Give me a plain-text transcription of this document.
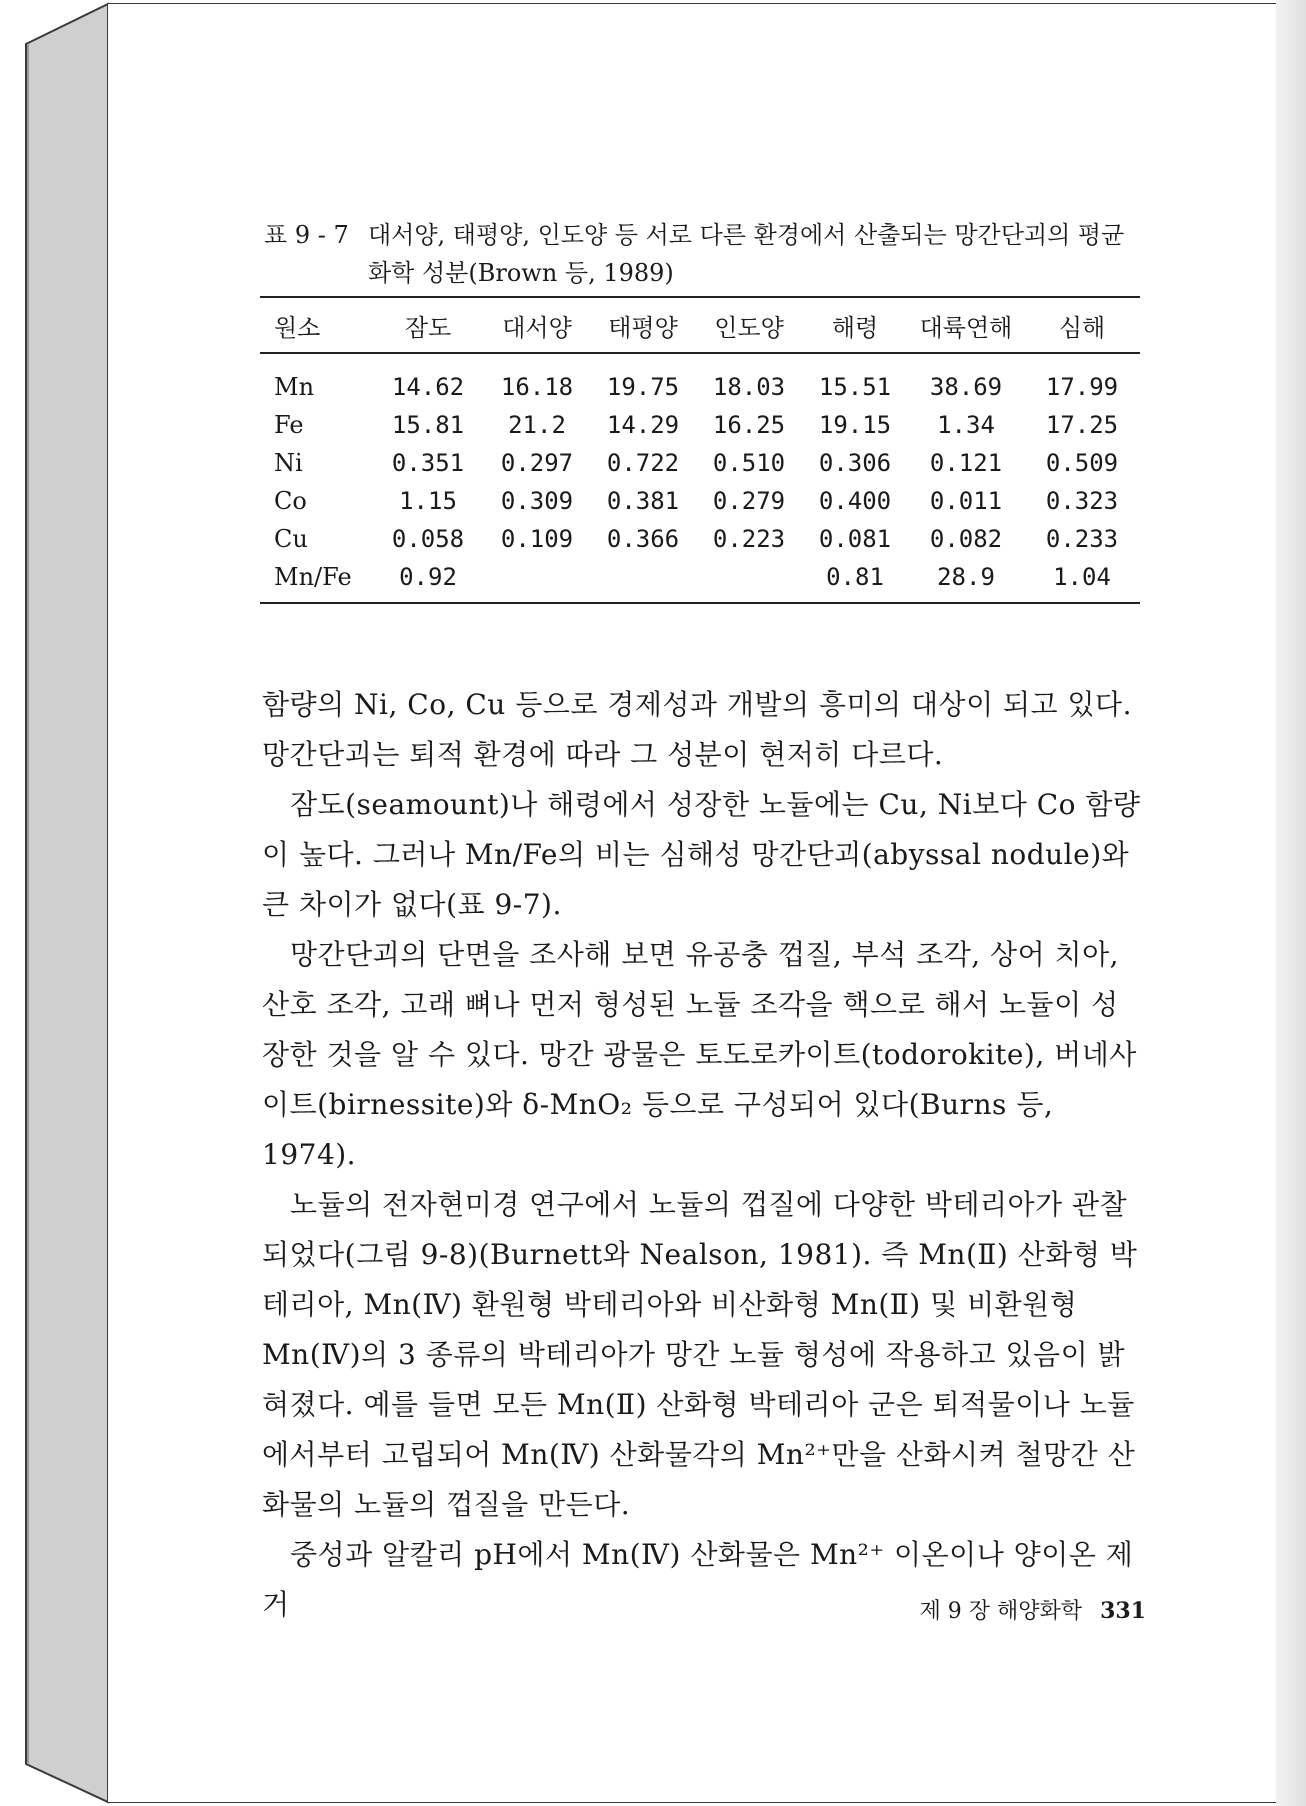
표 9 - 7 대서양, 태평양, 인도양 등 서로 다른 환경에서 산출되는 망간단괴의 평균
화학 성분(Brown 등, 1989)
원소	잠도	대서양	태평양	인도양	해령	대륙연해	심해
Mn	14.62	16.18	19.75	18.03	15.51	38.69	17.99
Fe	15.81	21.2	14.29	16.25	19.15	1.34	17.25
Ni	0.351	0.297	0.722	0.510	0.306	0.121	0.509
Co	1.15	0.309	0.381	0.279	0.400	0.011	0.323
Cu	0.058	0.109	0.366	0.223	0.081	0.082	0.233
Mn/Fe	0.92				0.81	28.9	1.04

함량의 Ni, Co, Cu 등으로 경제성과 개발의 흥미의 대상이 되고 있다. 망간단괴는 퇴적 환경에 따라 그 성분이 현저히 다르다.

잠도(seamount)나 해령에서 성장한 노듈에는 Cu, Ni보다 Co 함량이 높다. 그러나 Mn/Fe의 비는 심해성 망간단괴(abyssal nodule)와 큰 차이가 없다(표 9-7).

망간단괴의 단면을 조사해 보면 유공충 껍질, 부석 조각, 상어 치아, 산호 조각, 고래 뼈나 먼저 형성된 노듈 조각을 핵으로 해서 노듈이 성장한 것을 알 수 있다. 망간 광물은 토도로카이트(todorokite), 버네사이트(birnessite)와 δ-MnO₂ 등으로 구성되어 있다(Burns 등, 1974).

노듈의 전자현미경 연구에서 노듈의 껍질에 다양한 박테리아가 관찰되었다(그림 9-8)(Burnett와 Nealson, 1981). 즉 Mn(Ⅱ) 산화형 박테리아, Mn(Ⅳ) 환원형 박테리아와 비산화형 Mn(Ⅱ) 및 비환원형 Mn(Ⅳ)의 3 종류의 박테리아가 망간 노듈 형성에 작용하고 있음이 밝혀졌다. 예를 들면 모든 Mn(Ⅱ) 산화형 박테리아 군은 퇴적물이나 노듈에서부터 고립되어 Mn(Ⅳ) 산화물각의 Mn²⁺만을 산화시켜 철망간 산화물의 노듈의 껍질을 만든다.

중성과 알칼리 pH에서 Mn(Ⅳ) 산화물은 Mn²⁺ 이온이나 양이온 제거	제 9 장 해양화학 331
